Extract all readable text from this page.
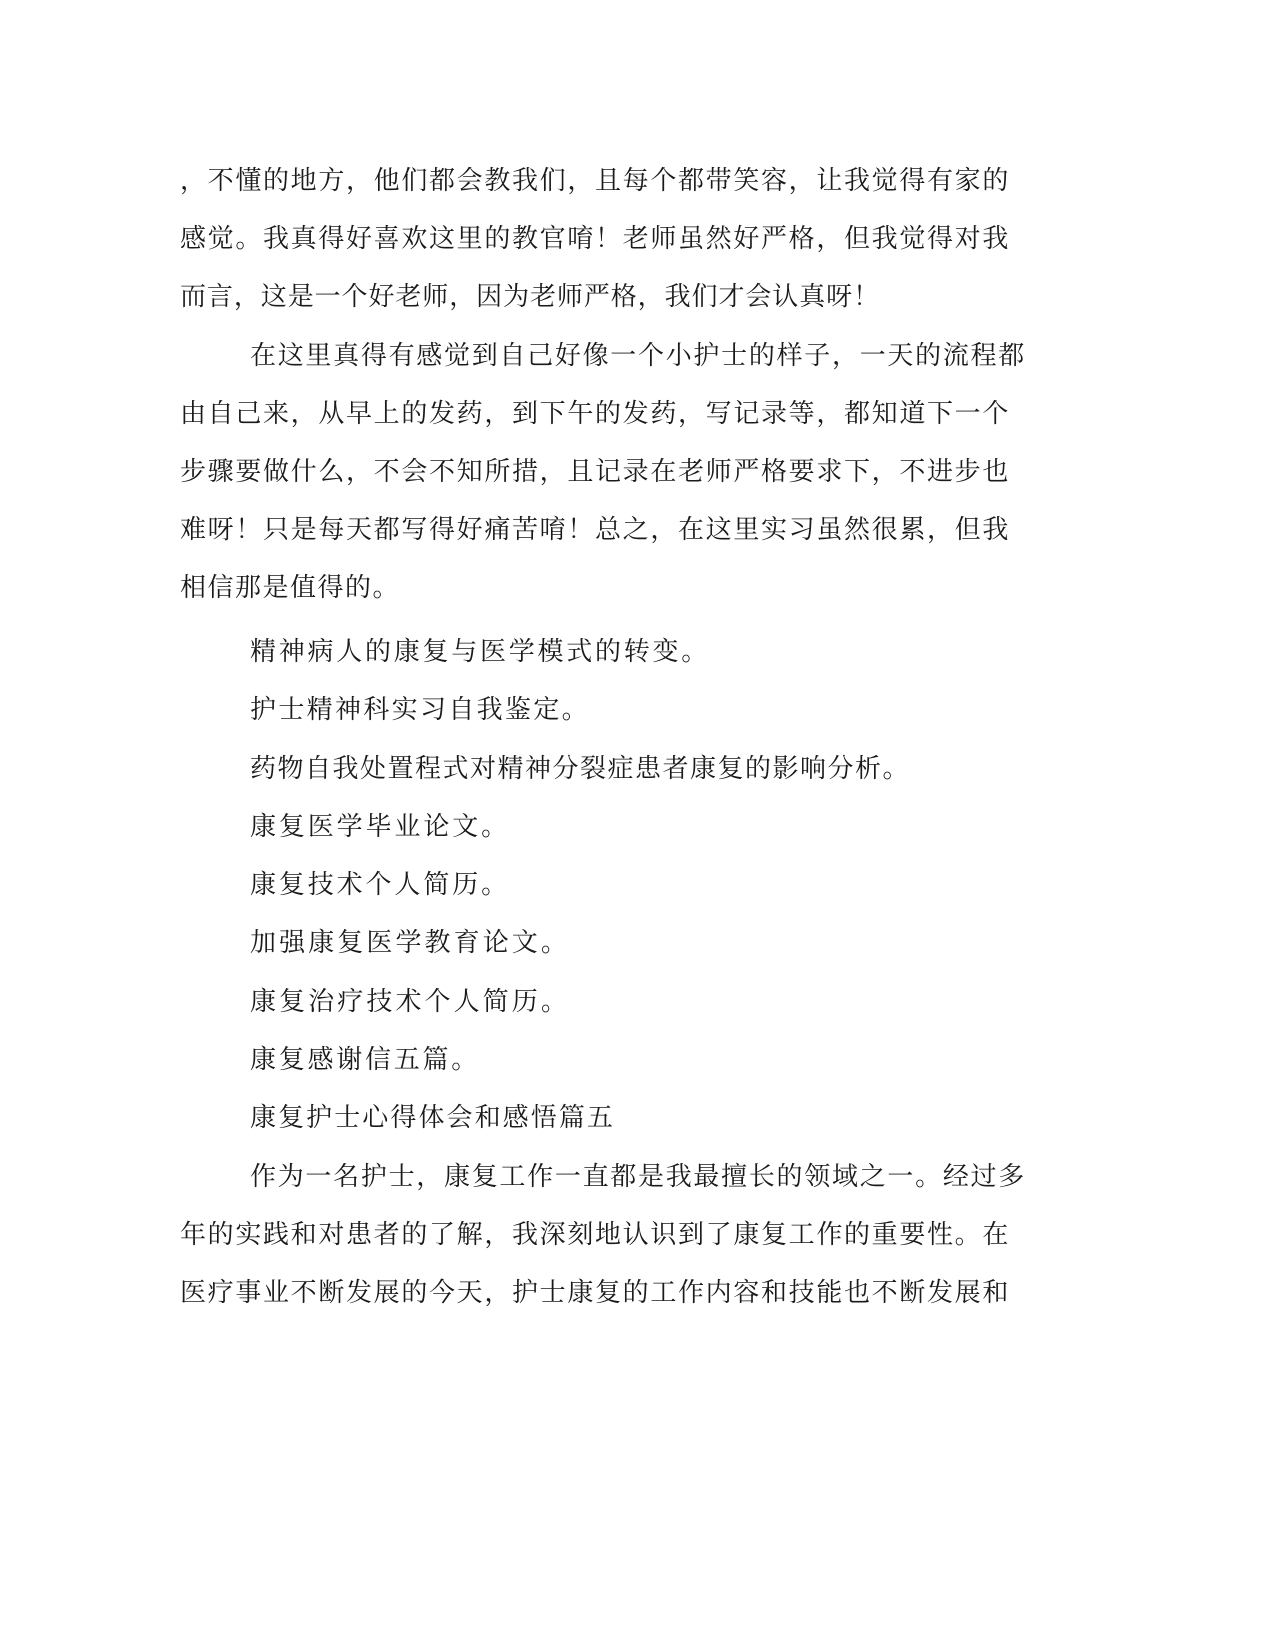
，不懂的地方，他们都会教我们，且每个都带笑容，让我觉得有家的
感觉。我真得好喜欢这里的教官唷！老师虽然好严格，但我觉得对我
而言，这是一个好老师，因为老师严格，我们才会认真呀！
在这里真得有感觉到自己好像一个小护士的样子，一天的流程都
由自己来，从早上的发药，到下午的发药，写记录等，都知道下一个
步骤要做什么，不会不知所措，且记录在老师严格要求下，不进步也
难呀！只是每天都写得好痛苦唷！总之，在这里实习虽然很累，但我
相信那是值得的。
精神病人的康复与医学模式的转变。
护士精神科实习自我鉴定。
药物自我处置程式对精神分裂症患者康复的影响分析。
康复医学毕业论文。
康复技术个人简历。
加强康复医学教育论文。
康复治疗技术个人简历。
康复感谢信五篇。
康复护士心得体会和感悟篇五
作为一名护士，康复工作一直都是我最擅长的领域之一。经过多
年的实践和对患者的了解，我深刻地认识到了康复工作的重要性。在
医疗事业不断发展的今天，护士康复的工作内容和技能也不断发展和
